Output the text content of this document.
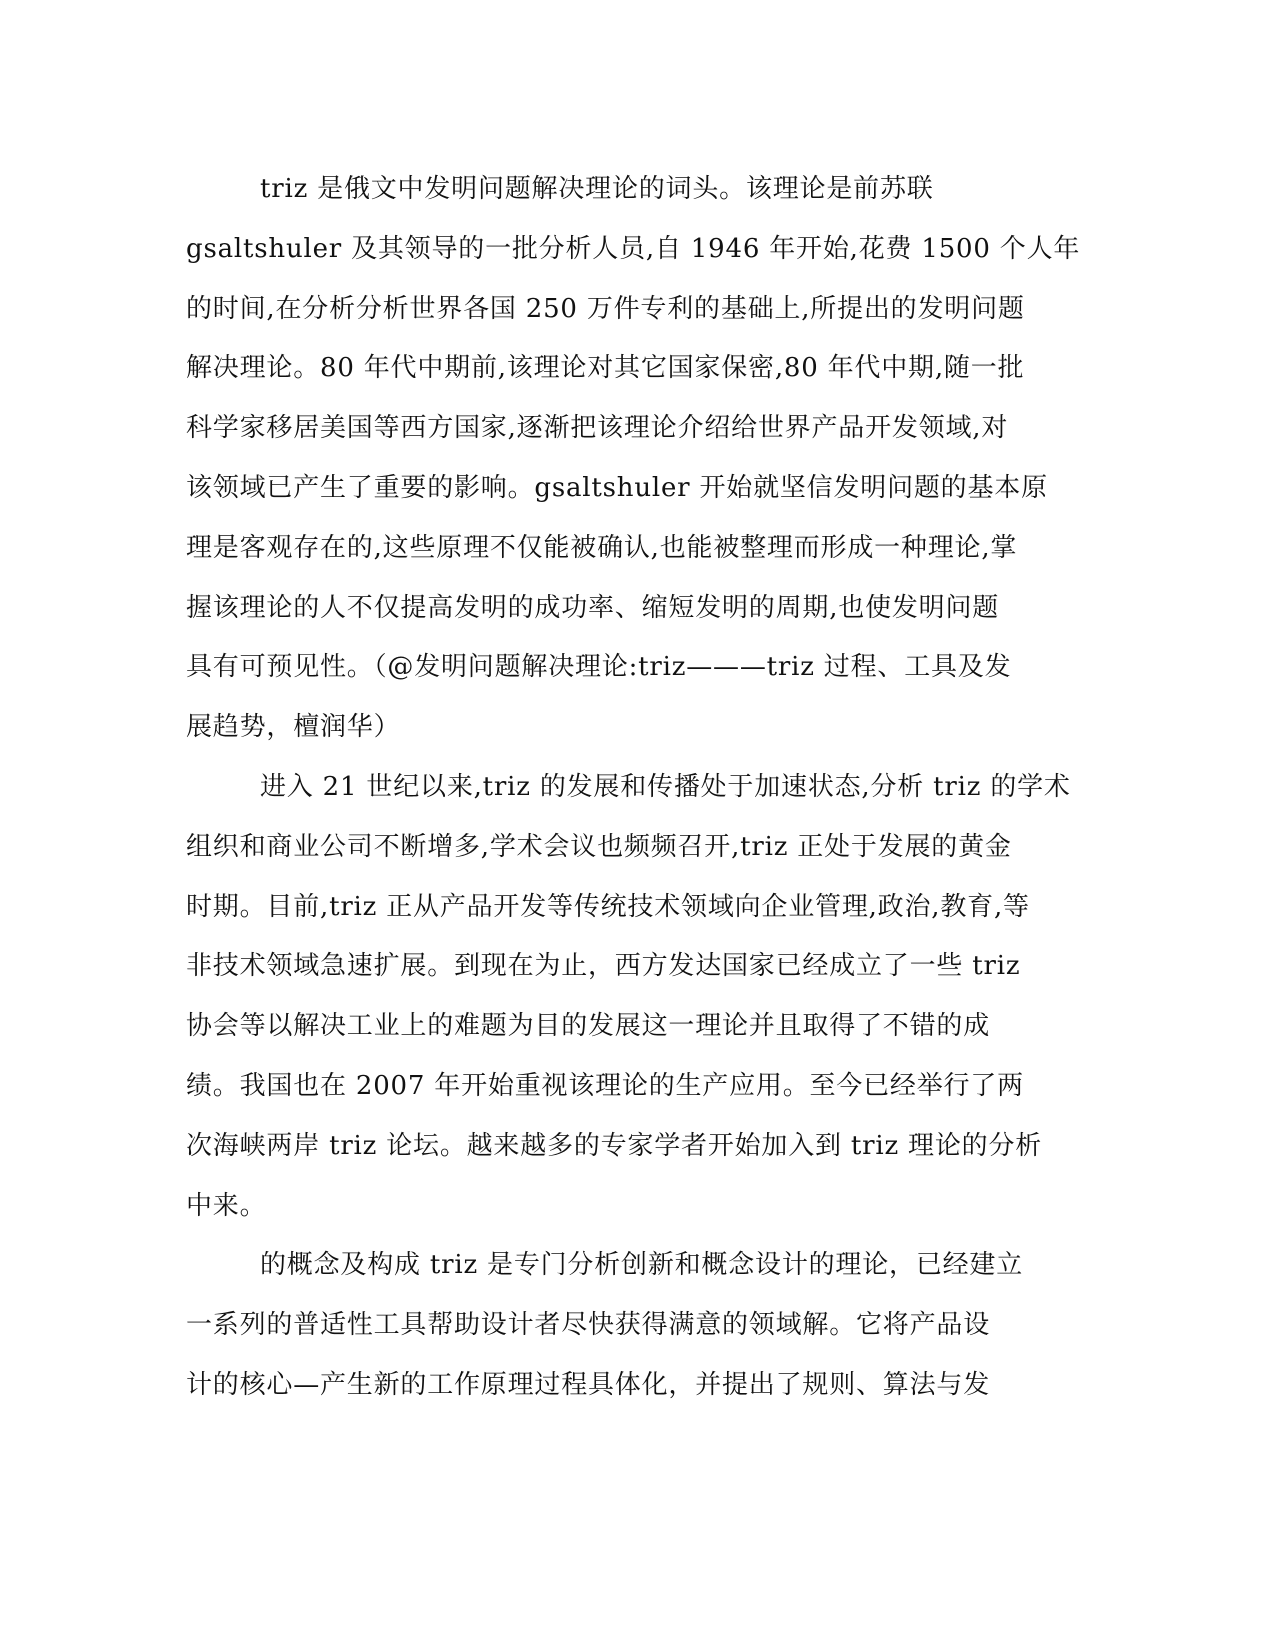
triz 是俄文中发明问题解决理论的词头。该理论是前苏联
gsaltshuler 及其领导的一批分析人员,自 1946 年开始,花费 1500 个人年
的时间,在分析分析世界各国 250 万件专利的基础上,所提出的发明问题
解决理论。80 年代中期前,该理论对其它国家保密,80 年代中期,随一批
科学家移居美国等西方国家,逐渐把该理论介绍给世界产品开发领域,对
该领域已产生了重要的影响。gsaltshuler 开始就坚信发明问题的基本原
理是客观存在的,这些原理不仅能被确认,也能被整理而形成一种理论,掌
握该理论的人不仅提高发明的成功率、缩短发明的周期,也使发明问题
具有可预见性。（@发明问题解决理论:triz———triz 过程、工具及发
展趋势，檀润华）
进入 21 世纪以来,triz 的发展和传播处于加速状态,分析 triz 的学术
组织和商业公司不断增多,学术会议也频频召开,triz 正处于发展的黄金
时期。目前,triz 正从产品开发等传统技术领域向企业管理,政治,教育,等
非技术领域急速扩展。到现在为止，西方发达国家已经成立了一些 triz
协会等以解决工业上的难题为目的发展这一理论并且取得了不错的成
绩。我国也在 2007 年开始重视该理论的生产应用。至今已经举行了两
次海峡两岸 triz 论坛。越来越多的专家学者开始加入到 triz 理论的分析
中来。
的概念及构成 triz 是专门分析创新和概念设计的理论，已经建立
一系列的普适性工具帮助设计者尽快获得满意的领域解。它将产品设
计的核心—产生新的工作原理过程具体化，并提出了规则、算法与发
